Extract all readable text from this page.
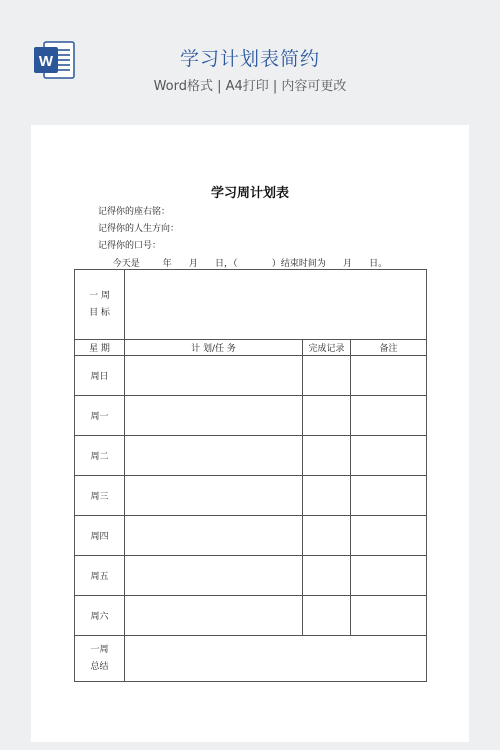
W	学习计划表简约
Word格式 | A4打印 | 内容可更改
学习周计划表
记得你的座右铭：
记得你的人生方向：
记得你的口号：
今天是        年      月      日，（            ）结束时间为      月      日。
一 周
目 标			

星 期	计 划/任 务	完成记录	备注
周日			
周一			
周二			
周三			
周四			
周五			
周六			

一周
总结			
